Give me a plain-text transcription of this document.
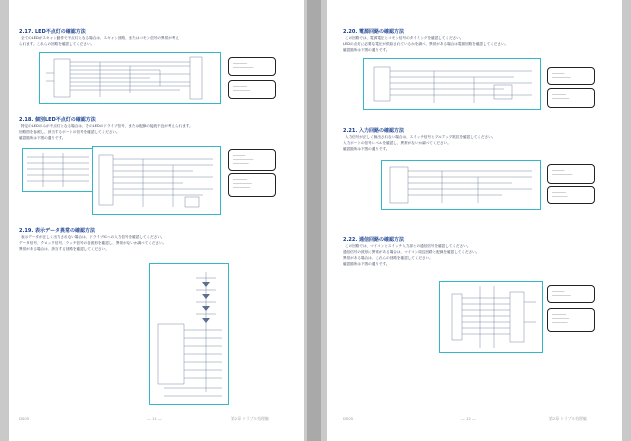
2.17. LED不点灯の確認方法
全てのLEDがスキャン動作で不点灯となる場合は、スキャン回路、またはコモン信号の異常が考え
られます。これらの回路を確認してください。
─────────
─────────────
─────────
───────────
2.18. 個別LED不点灯の確認方法
特定のLEDのみが不点灯となる場合は、そのLEDのドライブ信号、または配線の接続不良が考えられます。
回路図を参照し、該当するポートの信号を確認してください。
確認箇所は下図の通りです。
────────
─────────────
──────────
─────────
────────────
───────────
2.19. 表示データ異常の確認方法
表示データが正しく出力されない場合は、ドライブICへの入力信号を確認してください。
データ信号、クロック信号、ラッチ信号の各波形を確認し、異常がないか調べてください。
異常がある場合は、該当する回路を確認してください。
DS05	― 11 ―	第2章 トラブル処理編
2.20. 電源回路の確認方法
この回路では、電源電圧とコモン信号のタイミングを確認してください。
LEDの点灯に必要な電圧が供給されているかを調べ、異常がある場合は電源回路を確認してください。
確認箇所は下図の通りです。
────────
────────────
─────────
───────────
2.21. 入力回路の確認方法
入力信号が正しく検出されない場合は、スイッチ信号とプルアップ抵抗を確認してください。
入力ポートの信号レベルを確認し、異常がないか調べてください。
確認箇所は下図の通りです。
────────
─────────────
─────────
──────────
2.22. 通信回路の確認方法
この回路では、マイコンとスイッチ入力部との通信信号を確認してください。
通信信号の波形に異常がある場合は、マイコン周辺回路と配線を確認してください。
異常がある場合は、これらの回路を確認してください。
確認箇所は下図の通りです。
────────
────────────
─────────
───────────
──────────
DS05	― 12 ―	第2章 トラブル処理編
